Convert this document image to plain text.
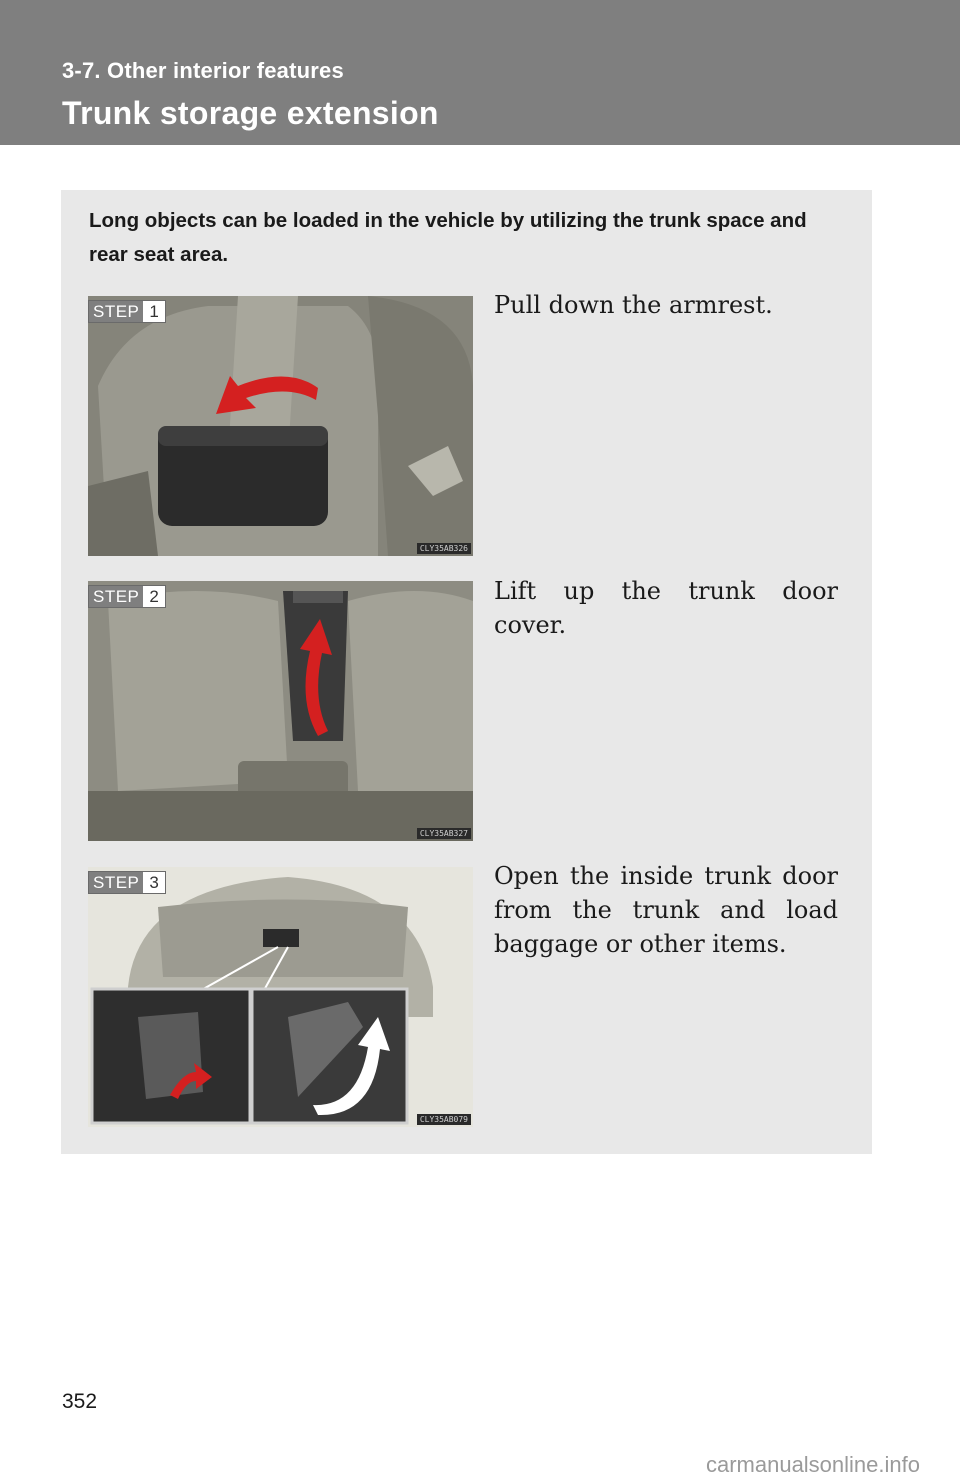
3-7. Other interior features
Trunk storage extension
Long objects can be loaded in the vehicle by utilizing the trunk space and rear seat area.
STEP 1
CLY35AB326
Pull down the armrest.
STEP 2
CLY35AB327
Lift up the trunk door cover.
STEP 3
CLY35AB079
Open the inside trunk door from the trunk and load baggage or other items.
352
carmanualsonline.info
